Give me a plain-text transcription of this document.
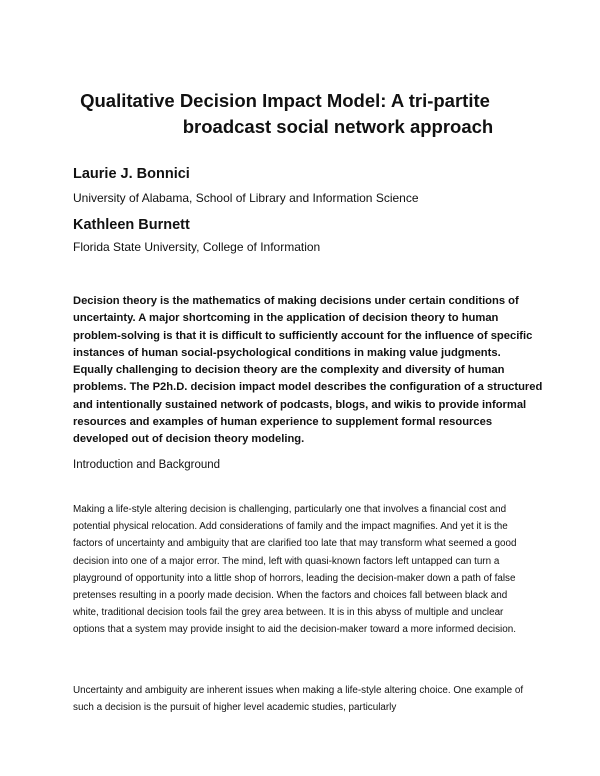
Qualitative Decision Impact Model: A tri-partite
broadcast social network approach
Laurie J. Bonnici
University of Alabama, School of Library and Information Science
Kathleen Burnett
Florida State University, College of Information

Decision theory is the mathematics of making decisions under certain conditions of uncertainty. A major shortcoming in the application of decision theory to human problem-solving is that it is difficult to sufficiently account for the influence of specific instances of human social-psychological conditions in making value judgments. Equally challenging to decision theory are the complexity and diversity of human problems. The P2h.D. decision impact model describes the configuration of a structured and intentionally sustained network of podcasts, blogs, and wikis to provide informal resources and examples of human experience to supplement formal resources developed out of decision theory modeling.

Introduction and Background

Making a life-style altering decision is challenging, particularly one that involves a financial cost and potential physical relocation. Add considerations of family and the impact magnifies. And yet it is the factors of uncertainty and ambiguity that are clarified too late that may transform what seemed a good decision into one of a major error. The mind, left with quasi-known factors left untapped can turn a playground of opportunity into a little shop of horrors, leading the decision-maker down a path of false pretenses resulting in a poorly made decision. When the factors and choices fall between black and white, traditional decision tools fail the grey area between. It is in this abyss of multiple and unclear options that a system may provide insight to aid the decision-maker toward a more informed decision.

Uncertainty and ambiguity are inherent issues when making a life-style altering choice. One example of such a decision is the pursuit of higher level academic studies, particularly
